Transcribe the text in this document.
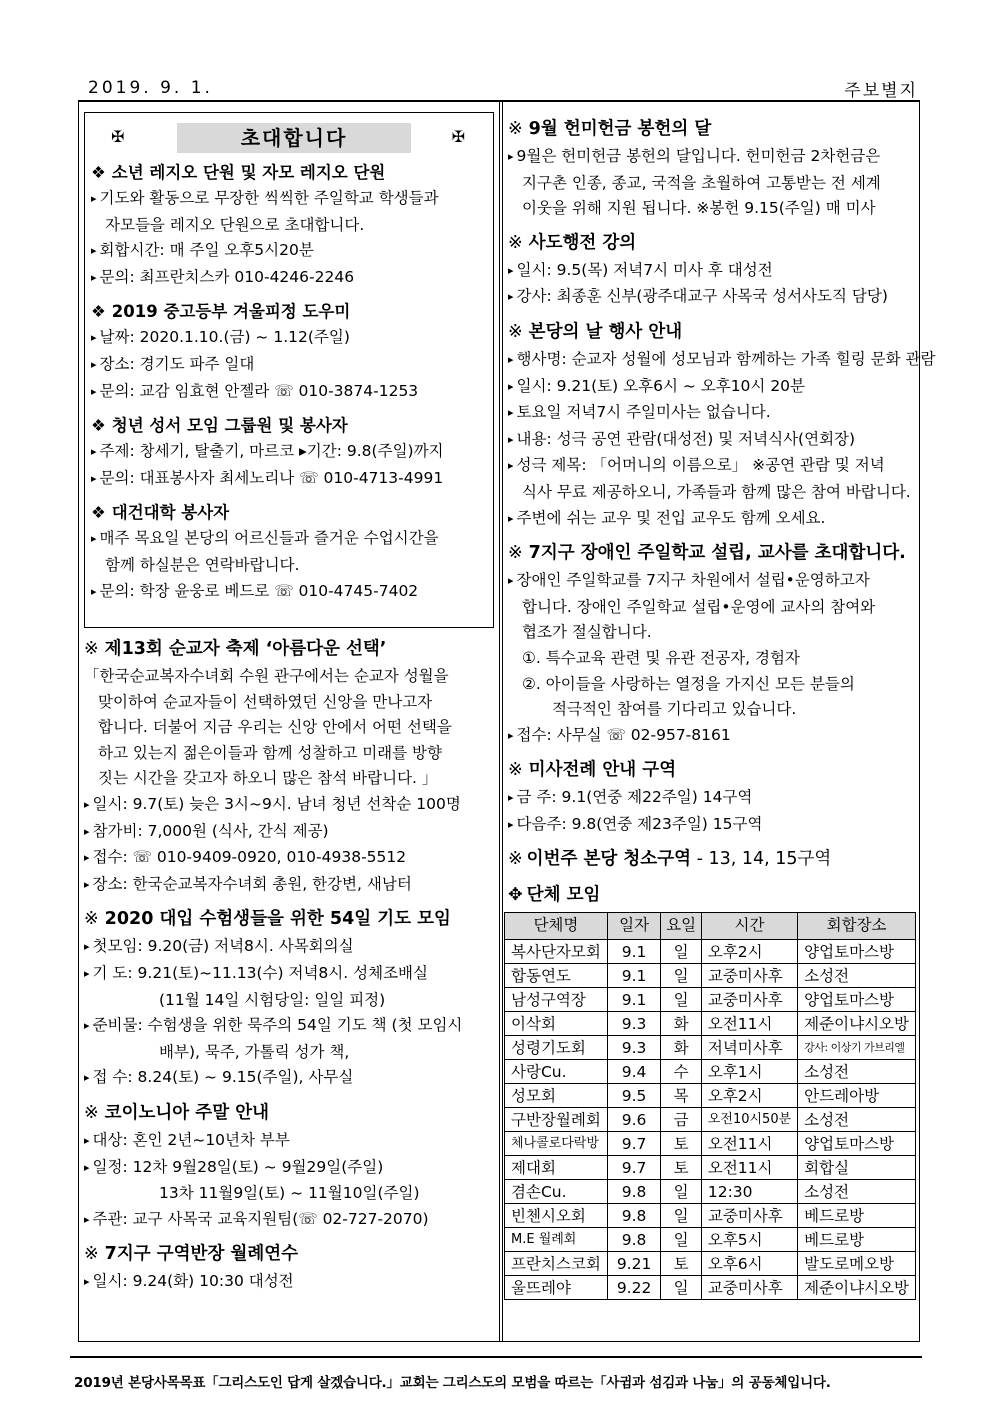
2019. 9. 1.	주보별지
✠	초대합니다	✠
❖ 소년 레지오 단원 및 자모 레지오 단원
▸ 기도와 활동으로 무장한 씩씩한 주일학교 학생들과
자모들을 레지오 단원으로 초대합니다.
▸ 회합시간: 매 주일 오후5시20분
▸ 문의: 최프란치스카 010-4246-2246
❖ 2019 중고등부 겨울피정 도우미
▸ 날짜: 2020.1.10.(금) ~ 1.12(주일)
▸ 장소: 경기도 파주 일대
▸ 문의: 교감 임효현 안젤라 ☏ 010-3874-1253
❖ 청년 성서 모임 그룹원 및 봉사자
▸ 주제: 창세기, 탈출기, 마르코 ▸기간: 9.8(주일)까지
▸ 문의: 대표봉사자 최세노리나 ☏ 010-4713-4991
❖ 대건대학 봉사자
▸ 매주 목요일 본당의 어르신들과 즐거운 수업시간을
함께 하실분은 연락바랍니다.
▸ 문의: 학장 윤웅로 베드로 ☏ 010-4745-7402
※ 제13회 순교자 축제 ‘아름다운 선택’
「한국순교복자수녀회 수원 관구에서는 순교자 성월을
맞이하여 순교자들이 선택하였던 신앙을 만나고자
합니다. 더불어 지금 우리는 신앙 안에서 어떤 선택을
하고 있는지 젊은이들과 함께 성찰하고 미래를 방향
짓는 시간을 갖고자 하오니 많은 참석 바랍니다. 」
▸ 일시: 9.7(토) 늦은 3시~9시. 남녀 청년 선착순 100명
▸ 참가비: 7,000원 (식사, 간식 제공)
▸ 접수: ☏ 010-9409-0920, 010-4938-5512
▸ 장소: 한국순교복자수녀회 총원, 한강변, 새남터
※ 2020 대입 수험생들을 위한 54일 기도 모임
▸ 첫모임: 9.20(금) 저녁8시. 사목회의실
▸ 기 도: 9.21(토)~11.13(수) 저녁8시. 성체조배실
(11월 14일 시험당일: 일일 피정)
▸ 준비물: 수험생을 위한 묵주의 54일 기도 책 (첫 모임시
배부), 묵주, 가톨릭 성가 책,
▸ 접 수: 8.24(토) ~ 9.15(주일), 사무실
※ 코이노니아 주말 안내
▸ 대상: 혼인 2년~10년차 부부
▸ 일정: 12차 9월28일(토) ~ 9월29일(주일)
13차 11월9일(토) ~ 11월10일(주일)
▸ 주관: 교구 사목국 교육지원팀(☏ 02-727-2070)
※ 7지구 구역반장 월례연수
▸ 일시: 9.24(화) 10:30 대성전
※ 9월 헌미헌금 봉헌의 달
▸ 9월은 헌미헌금 봉헌의 달입니다. 헌미헌금 2차헌금은
지구촌 인종, 종교, 국적을 초월하여 고통받는 전 세계
이웃을 위해 지원 됩니다. ※봉헌 9.15(주일) 매 미사
※ 사도행전 강의
▸ 일시: 9.5(목) 저녁7시 미사 후 대성전
▸ 강사: 최종훈 신부(광주대교구 사목국 성서사도직 담당)
※ 본당의 날 행사 안내
▸ 행사명: 순교자 성월에 성모님과 함께하는 가족 힐링 문화 관람
▸ 일시: 9.21(토) 오후6시 ~ 오후10시 20분
▸ 토요일 저녁7시 주일미사는 없습니다.
▸ 내용: 성극 공연 관람(대성전) 및 저녁식사(연회장)
▸ 성극 제목: 「어머니의 이름으로」 ※공연 관람 및 저녁
식사 무료 제공하오니, 가족들과 함께 많은 참여 바랍니다.
▸ 주변에 쉬는 교우 및 전입 교우도 함께 오세요.
※ 7지구 장애인 주일학교 설립, 교사를 초대합니다.
▸ 장애인 주일학교를 7지구 차원에서 설립•운영하고자
합니다. 장애인 주일학교 설립•운영에 교사의 참여와
협조가 절실합니다.
①. 특수교육 관련 및 유관 전공자, 경험자
②. 아이들을 사랑하는 열정을 가지신 모든 분들의
적극적인 참여를 기다리고 있습니다.
▸ 접수: 사무실 ☏ 02-957-8161
※ 미사전례 안내 구역
▸ 금 주: 9.1(연중 제22주일) 14구역
▸ 다음주: 9.8(연중 제23주일) 15구역
※ 이번주 본당 청소구역 - 13, 14, 15구역
✥ 단체 모임
단체명	일자	요일	시간	회합장소
복사단자모회	9.1	일	오후2시	양업토마스방
합동연도	9.1	일	교중미사후	소성전
남성구역장	9.1	일	교중미사후	양업토마스방
이삭회	9.3	화	오전11시	제준이냐시오방
성령기도회	9.3	화	저녁미사후	강사: 이상기 가브리엘
사랑Cu.	9.4	수	오후1시	소성전
성모회	9.5	목	오후2시	안드레아방
구반장월례회	9.6	금	오전10시50분	소성전
체나콜로다락방	9.7	토	오전11시	양업토마스방
제대회	9.7	토	오전11시	회합실
겸손Cu.	9.8	일	12:30	소성전
빈첸시오회	9.8	일	교중미사후	베드로방
M.E 월례회	9.8	일	오후5시	베드로방
프란치스코회	9.21	토	오후6시	발도로메오방
울뜨레야	9.22	일	교중미사후	제준이냐시오방
2019년 본당사목목표「그리스도인 답게 살겠습니다.」교회는 그리스도의 모범을 따르는「사귐과 섬김과 나눔」의 공동체입니다.
